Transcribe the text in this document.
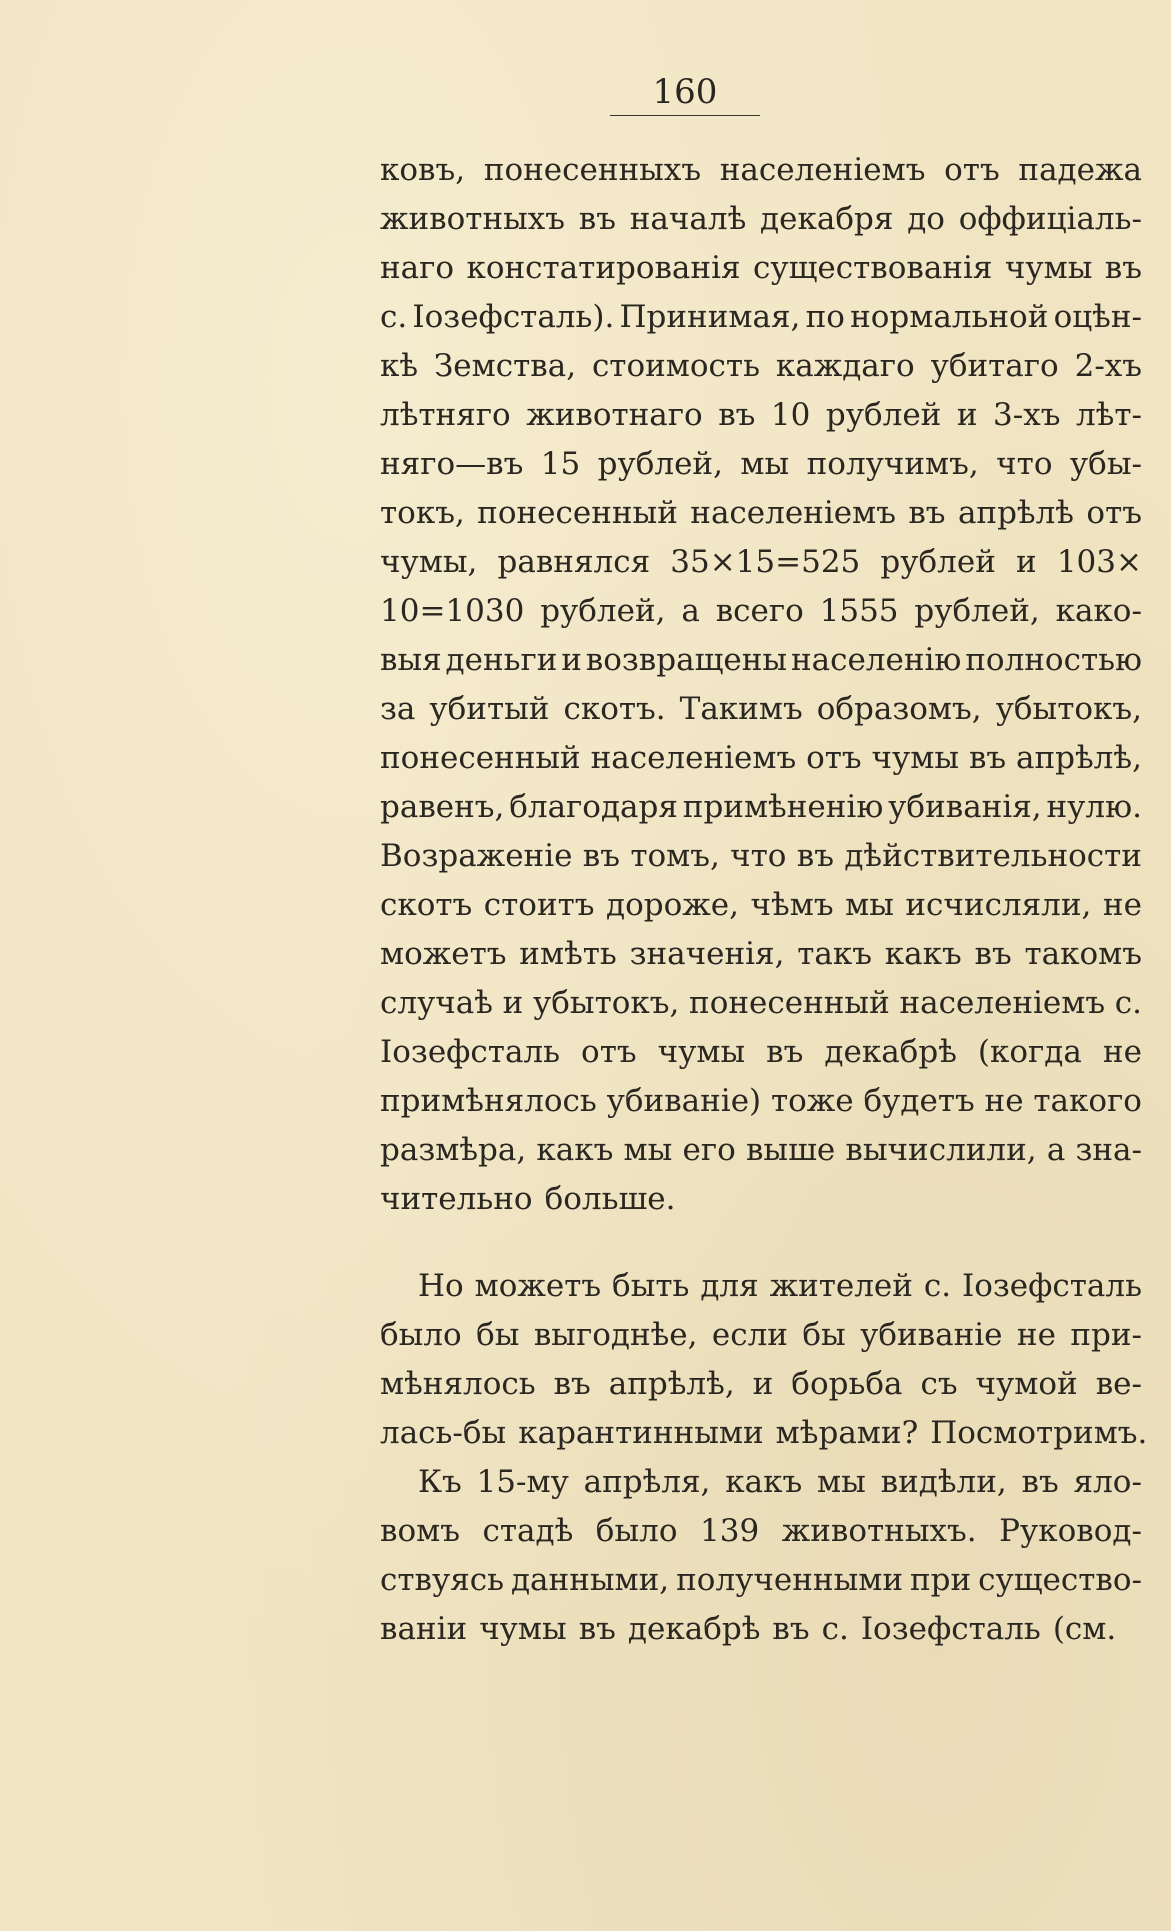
160
ковъ, понесенныхъ населеніемъ отъ падежа
животныхъ въ началѣ декабря до оффиціаль-
наго констатированія существованія чумы въ
с. Іозефсталь). Принимая, по нормальной оцѣн-
кѣ Земства, стоимость каждаго убитаго 2-хъ
лѣтняго животнаго въ 10 рублей и 3-хъ лѣт-
няго—въ 15 рублей, мы получимъ, что убы-
токъ, понесенный населеніемъ въ апрѣлѣ отъ
чумы, равнялся 35×15=525 рублей и 103×
10=1030 рублей, а всего 1555 рублей, како-
выя деньги и возвращены населенію полностью
за убитый скотъ. Такимъ образомъ, убытокъ,
понесенный населеніемъ отъ чумы въ апрѣлѣ,
равенъ, благодаря примѣненію убиванія, нулю.
Возраженіе въ томъ, что въ дѣйствительности
скотъ стоитъ дороже, чѣмъ мы исчисляли, не
можетъ имѣть значенія, такъ какъ въ такомъ
случаѣ и убытокъ, понесенный населеніемъ с.
Іозефсталь отъ чумы въ декабрѣ (когда не
примѣнялось убиваніе) тоже будетъ не такого
размѣра, какъ мы его выше вычислили, а зна-
чительно больше.
Но можетъ быть для жителей с. Іозефсталь
было бы выгоднѣе, если бы убиваніе не при-
мѣнялось въ апрѣлѣ, и борьба съ чумой ве-
лась-бы карантинными мѣрами? Посмотримъ.
Къ 15-му апрѣля, какъ мы видѣли, въ яло-
вомъ стадѣ было 139 животныхъ. Руковод-
ствуясь данными, полученными при существо-
ваніи чумы въ декабрѣ въ с. Іозефсталь (см.
